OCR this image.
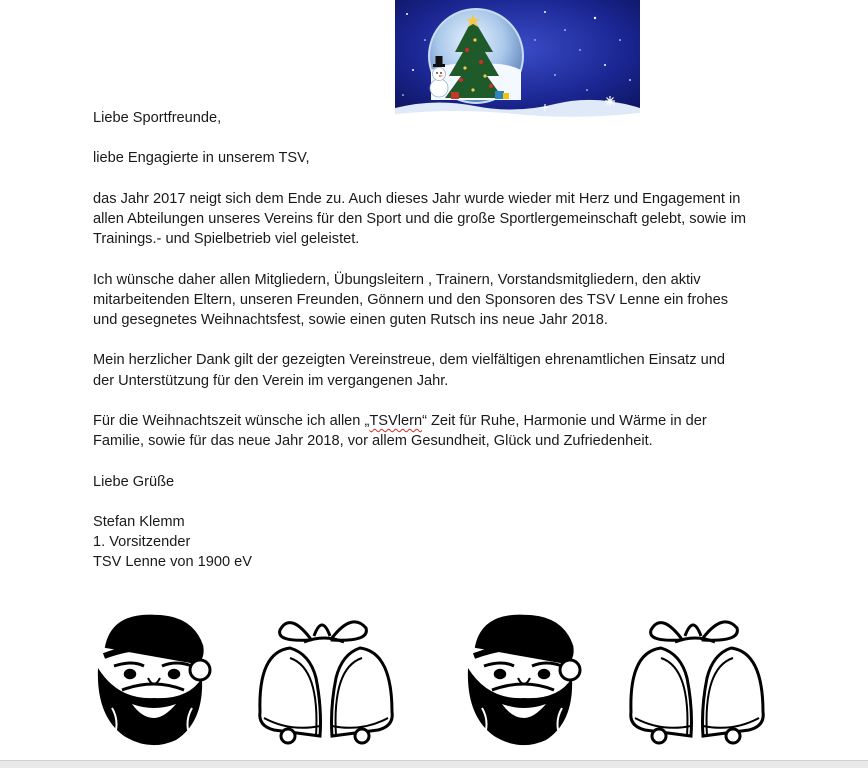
Liebe Sportfreunde,

liebe Engagierte in unserem TSV,

das Jahr 2017 neigt sich dem Ende zu. Auch dieses Jahr wurde wieder mit Herz und Engagement in
allen Abteilungen unseres Vereins für den Sport und die große Sportlergemeinschaft gelebt, sowie im
Trainings.- und Spielbetrieb viel geleistet.

Ich wünsche daher allen Mitgliedern, Übungsleitern , Trainern, Vorstandsmitgliedern, den aktiv
mitarbeitenden Eltern, unseren Freunden, Gönnern und den Sponsoren des TSV Lenne ein frohes
und gesegnetes Weihnachtsfest, sowie einen guten Rutsch ins neue Jahr 2018.

Mein herzlicher Dank gilt der gezeigten Vereinstreue, dem vielfältigen ehrenamtlichen Einsatz und
der Unterstützung für den Verein im vergangenen Jahr.

Für die Weihnachtszeit wünsche ich allen „TSVlern“ Zeit für Ruhe, Harmonie und Wärme in der
Familie, sowie für das neue Jahr 2018, vor allem Gesundheit, Glück und Zufriedenheit.

Liebe Grüße

Stefan Klemm

1. Vorsitzender

TSV Lenne von 1900 eV
